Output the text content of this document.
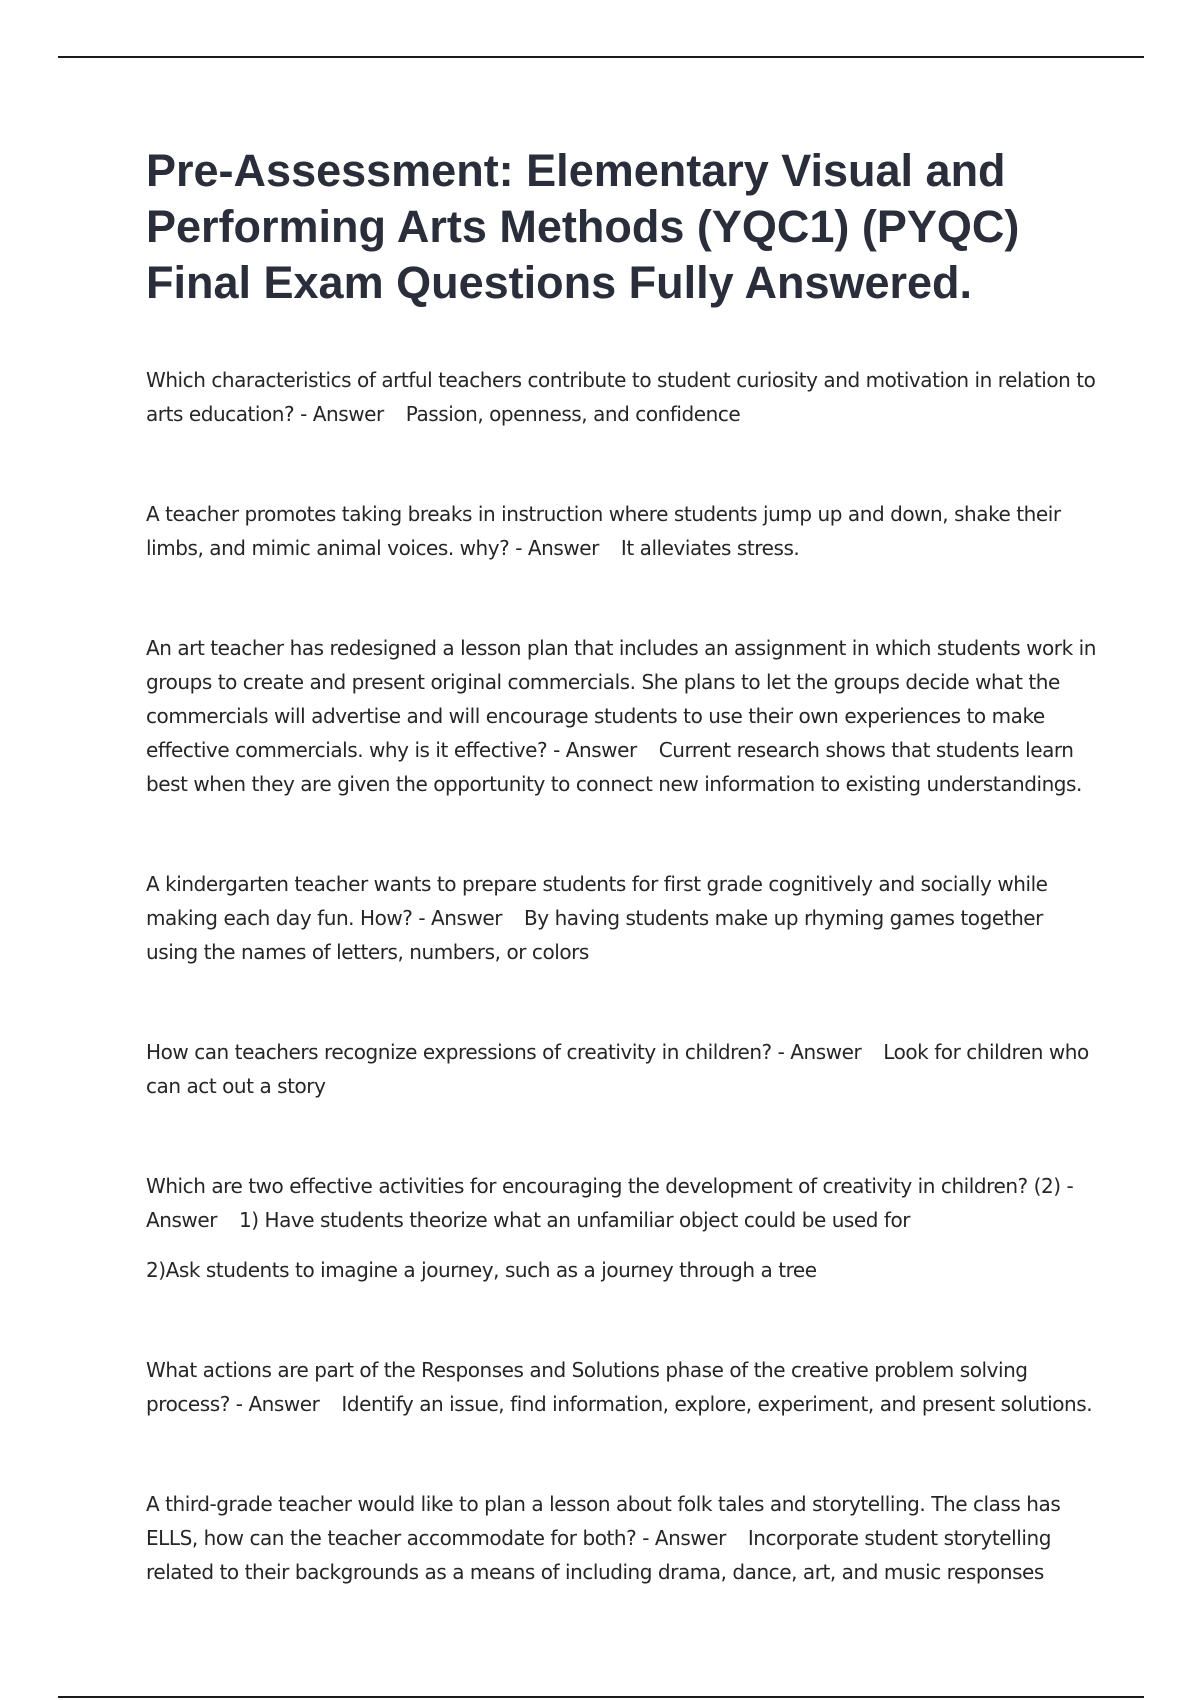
Pre-Assessment: Elementary Visual and Performing Arts Methods (YQC1) (PYQC) Final Exam Questions Fully Answered.

Which characteristics of artful teachers contribute to student curiosity and motivation in relation to arts education? - Answer Passion, openness, and confidence

A teacher promotes taking breaks in instruction where students jump up and down, shake their limbs, and mimic animal voices. why? - Answer It alleviates stress.

An art teacher has redesigned a lesson plan that includes an assignment in which students work in groups to create and present original commercials. She plans to let the groups decide what the commercials will advertise and will encourage students to use their own experiences to make effective commercials. why is it effective? - Answer Current research shows that students learn best when they are given the opportunity to connect new information to existing understandings.

A kindergarten teacher wants to prepare students for first grade cognitively and socially while making each day fun. How? - Answer By having students make up rhyming games together using the names of letters, numbers, or colors

How can teachers recognize expressions of creativity in children? - Answer Look for children who can act out a story

Which are two effective activities for encouraging the development of creativity in children? (2) - Answer 1) Have students theorize what an unfamiliar object could be used for

2)Ask students to imagine a journey, such as a journey through a tree

What actions are part of the Responses and Solutions phase of the creative problem solving process? - Answer Identify an issue, find information, explore, experiment, and present solutions.

A third-grade teacher would like to plan a lesson about folk tales and storytelling. The class has ELLS, how can the teacher accommodate for both? - Answer Incorporate student storytelling related to their backgrounds as a means of including drama, dance, art, and music responses
